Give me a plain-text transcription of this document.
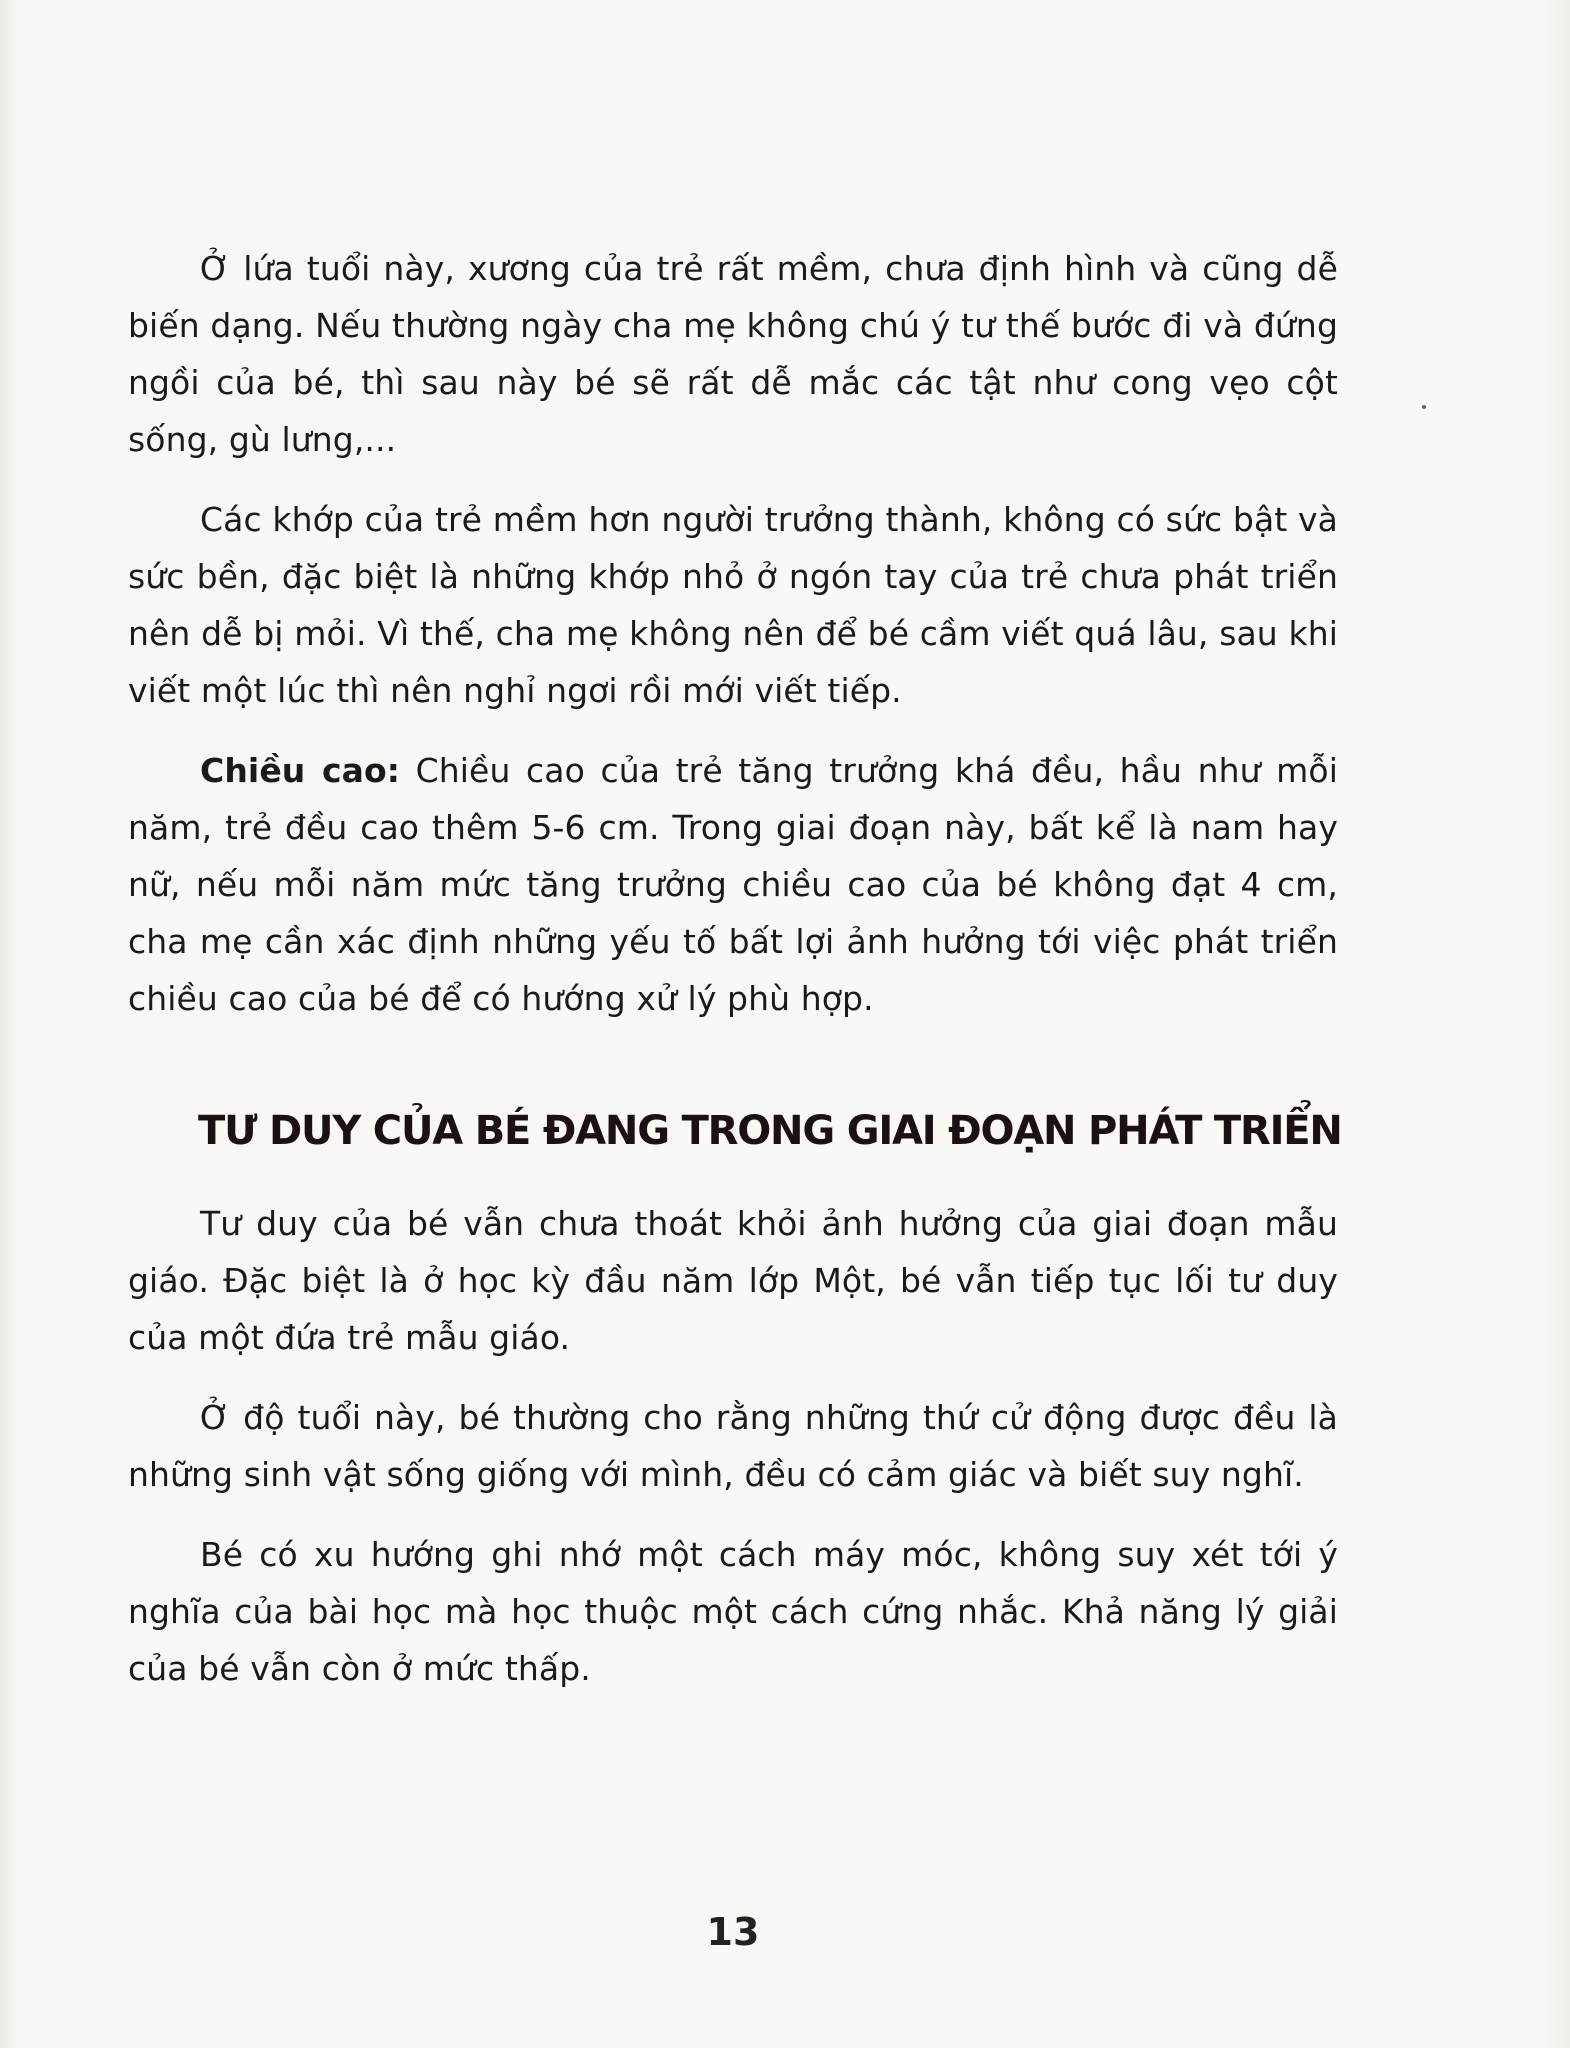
Ở lứa tuổi này, xương của trẻ rất mềm, chưa định hình và cũng dễ biến dạng. Nếu thường ngày cha mẹ không chú ý tư thế bước đi và đứng ngồi của bé, thì sau này bé sẽ rất dễ mắc các tật như cong vẹo cột sống, gù lưng,...

Các khớp của trẻ mềm hơn người trưởng thành, không có sức bật và sức bền, đặc biệt là những khớp nhỏ ở ngón tay của trẻ chưa phát triển nên dễ bị mỏi. Vì thế, cha mẹ không nên để bé cầm viết quá lâu, sau khi viết một lúc thì nên nghỉ ngơi rồi mới viết tiếp.

Chiều cao: Chiều cao của trẻ tăng trưởng khá đều, hầu như mỗi năm, trẻ đều cao thêm 5-6 cm. Trong giai đoạn này, bất kể là nam hay nữ, nếu mỗi năm mức tăng trưởng chiều cao của bé không đạt 4 cm, cha mẹ cần xác định những yếu tố bất lợi ảnh hưởng tới việc phát triển chiều cao của bé để có hướng xử lý phù hợp.

TƯ DUY CỦA BÉ ĐANG TRONG GIAI ĐOẠN PHÁT TRIỂN

Tư duy của bé vẫn chưa thoát khỏi ảnh hưởng của giai đoạn mẫu giáo. Đặc biệt là ở học kỳ đầu năm lớp Một, bé vẫn tiếp tục lối tư duy của một đứa trẻ mẫu giáo.

Ở độ tuổi này, bé thường cho rằng những thứ cử động được đều là những sinh vật sống giống với mình, đều có cảm giác và biết suy nghĩ.

Bé có xu hướng ghi nhớ một cách máy móc, không suy xét tới ý nghĩa của bài học mà học thuộc một cách cứng nhắc. Khả năng lý giải của bé vẫn còn ở mức thấp.

13
